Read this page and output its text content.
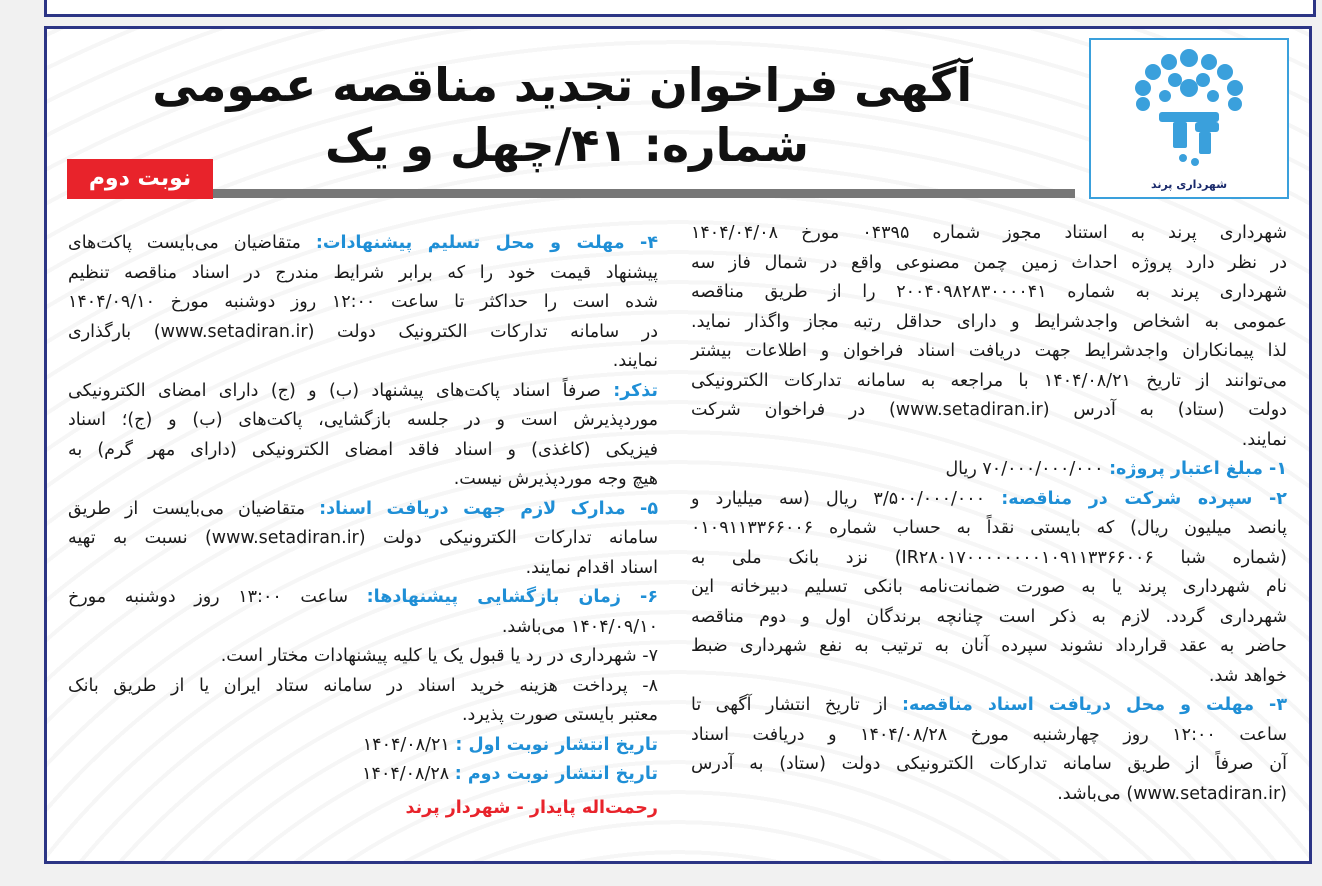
شهرداری پرند
آگهی فراخوان تجدید مناقصه عمومی
شماره: ۴۱/چهل و یک
نوبت دوم
شهرداری پرند به استناد مجوز شماره ۰۴۳۹۵ مورخ ۱۴۰۴/۰۴/۰۸
در نظر دارد پروژه احداث زمین چمن مصنوعی واقع در شمال فاز سه
شهرداری پرند به شماره ۲۰۰۴۰۹۸۲۸۳۰۰۰۰۴۱ را از طریق مناقصه
عمومی به اشخاص واجدشرایط و دارای حداقل رتبه مجاز واگذار نماید.
لذا پیمانکاران واجدشرایط جهت دریافت اسناد فراخوان و اطلاعات بیشتر
می‌توانند از تاریخ ۱۴۰۴/۰۸/۲۱ با مراجعه به سامانه تدارکات الکترونیکی
دولت (ستاد) به آدرس (www.setadiran.ir) در فراخوان شرکت
نمایند.
۱- مبلغ اعتبار پروژه: ۷۰/۰۰۰/۰۰۰/۰۰۰ ریال
۲- سپرده شرکت در مناقصه: ۳/۵۰۰/۰۰۰/۰۰۰ ریال (سه میلیارد و
پانصد میلیون ریال) که بایستی نقداً به حساب شماره ۰۱۰۹۱۱۳۳۶۶۰۰۶
(شماره شبا IR۲۸۰۱۷۰۰۰۰۰۰۰۰۱۰۹۱۱۳۳۶۶۰۰۶) نزد بانک ملی به
نام شهرداری پرند یا به صورت ضمانت‌نامه بانکی تسلیم دبیرخانه این
شهرداری گردد. لازم به ذکر است چنانچه برندگان اول و دوم مناقصه
حاضر به عقد قرارداد نشوند سپرده آنان به ترتیب به نفع شهرداری ضبط
خواهد شد.
۳- مهلت و محل دریافت اسناد مناقصه: از تاریخ انتشار آگهی تا
ساعت ۱۲:۰۰ روز چهارشنبه مورخ ۱۴۰۴/۰۸/۲۸ و دریافت اسناد
آن صرفاً از طریق سامانه تدارکات الکترونیکی دولت (ستاد) به آدرس
(www.setadiran.ir) می‌باشد.
۴- مهلت و محل تسلیم پیشنهادات: متقاضیان می‌بایست پاکت‌های
پیشنهاد قیمت خود را که برابر شرایط مندرج در اسناد مناقصه تنظیم
شده است را حداکثر تا ساعت ۱۲:۰۰ روز دوشنبه مورخ ۱۴۰۴/۰۹/۱۰
در سامانه تدارکات الکترونیک دولت (www.setadiran.ir) بارگذاری
نمایند.
تذکر: صرفاً اسناد پاکت‌های پیشنهاد (ب) و (ج) دارای امضای الکترونیکی
موردپذیرش است و در جلسه بازگشایی، پاکت‌های (ب) و (ج)؛ اسناد
فیزیکی (کاغذی) و اسناد فاقد امضای الکترونیکی (دارای مهر گرم) به
هیچ وجه موردپذیرش نیست.
۵- مدارک لازم جهت دریافت اسناد: متقاضیان می‌بایست از طریق
سامانه تدارکات الکترونیکی دولت (www.setadiran.ir) نسبت به تهیه
اسناد اقدام نمایند.
۶- زمان بازگشایی پیشنهادها: ساعت ۱۳:۰۰ روز دوشنبه مورخ
۱۴۰۴/۰۹/۱۰ می‌باشد.
۷- شهرداری در رد یا قبول یک یا کلیه پیشنهادات مختار است.
۸- پرداخت هزینه خرید اسناد در سامانه ستاد ایران یا از طریق بانک
معتبر بایستی صورت پذیرد.
تاریخ انتشار نوبت اول : ۱۴۰۴/۰۸/۲۱
تاریخ انتشار نوبت دوم : ۱۴۰۴/۰۸/۲۸
رحمت‌اله پایدار - شهردار پرند
